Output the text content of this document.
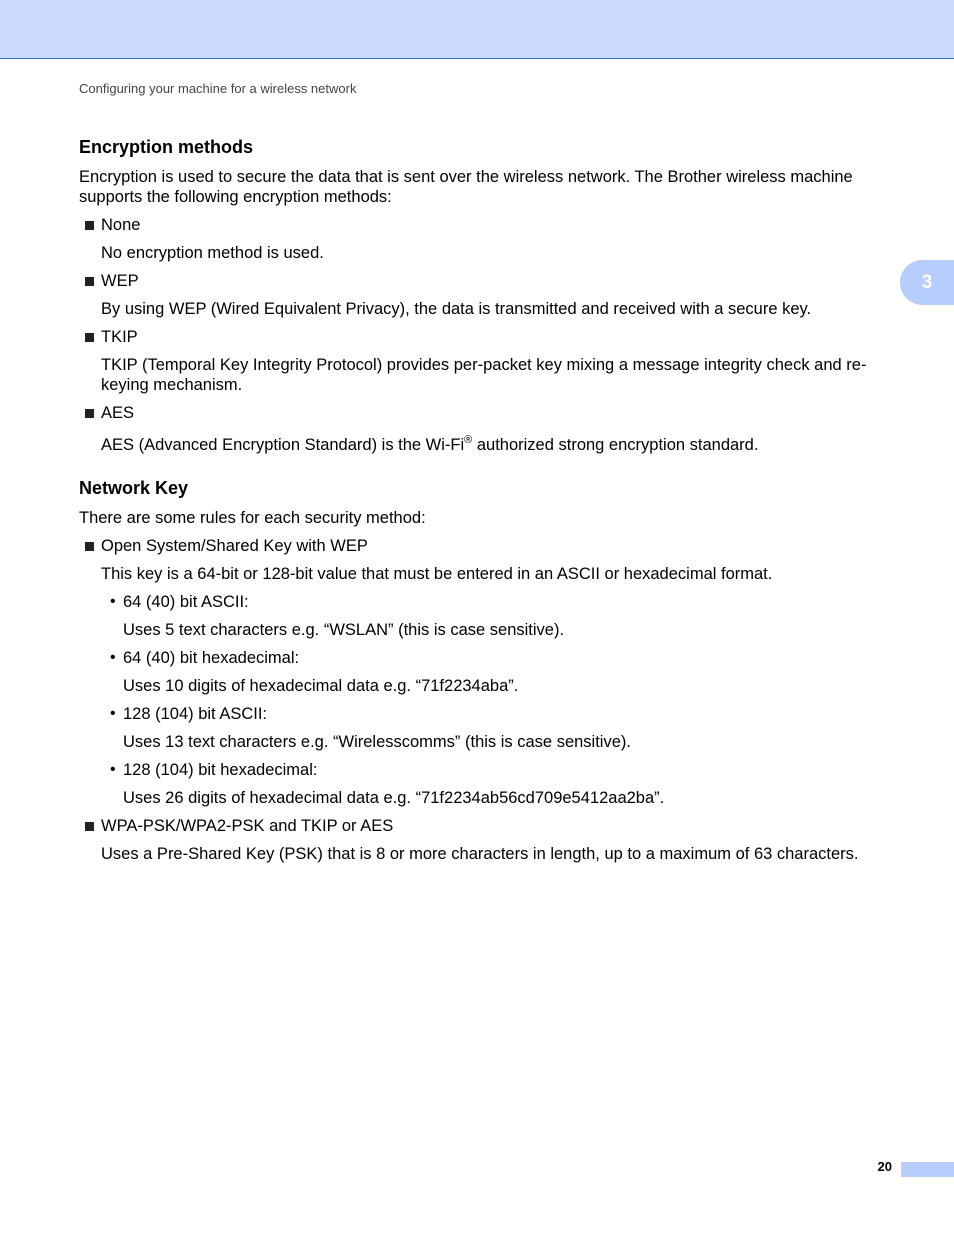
Configuring your machine for a wireless network
3
Encryption methods

Encryption is used to secure the data that is sent over the wireless network. The Brother wireless machine supports the following encryption methods:

None

No encryption method is used.

WEP

By using WEP (Wired Equivalent Privacy), the data is transmitted and received with a secure key.

TKIP

TKIP (Temporal Key Integrity Protocol) provides per-packet key mixing a message integrity check and re-keying mechanism.

AES

AES (Advanced Encryption Standard) is the Wi-Fi® authorized strong encryption standard.

Network Key

There are some rules for each security method:

Open System/Shared Key with WEP

This key is a 64-bit or 128-bit value that must be entered in an ASCII or hexadecimal format.

• 64 (40) bit ASCII:

Uses 5 text characters e.g. “WSLAN” (this is case sensitive).

• 64 (40) bit hexadecimal:

Uses 10 digits of hexadecimal data e.g. “71f2234aba”.

• 128 (104) bit ASCII:

Uses 13 text characters e.g. “Wirelesscomms” (this is case sensitive).

• 128 (104) bit hexadecimal:

Uses 26 digits of hexadecimal data e.g. “71f2234ab56cd709e5412aa2ba”.

WPA-PSK/WPA2-PSK and TKIP or AES

Uses a Pre-Shared Key (PSK) that is 8 or more characters in length, up to a maximum of 63 characters.

20
